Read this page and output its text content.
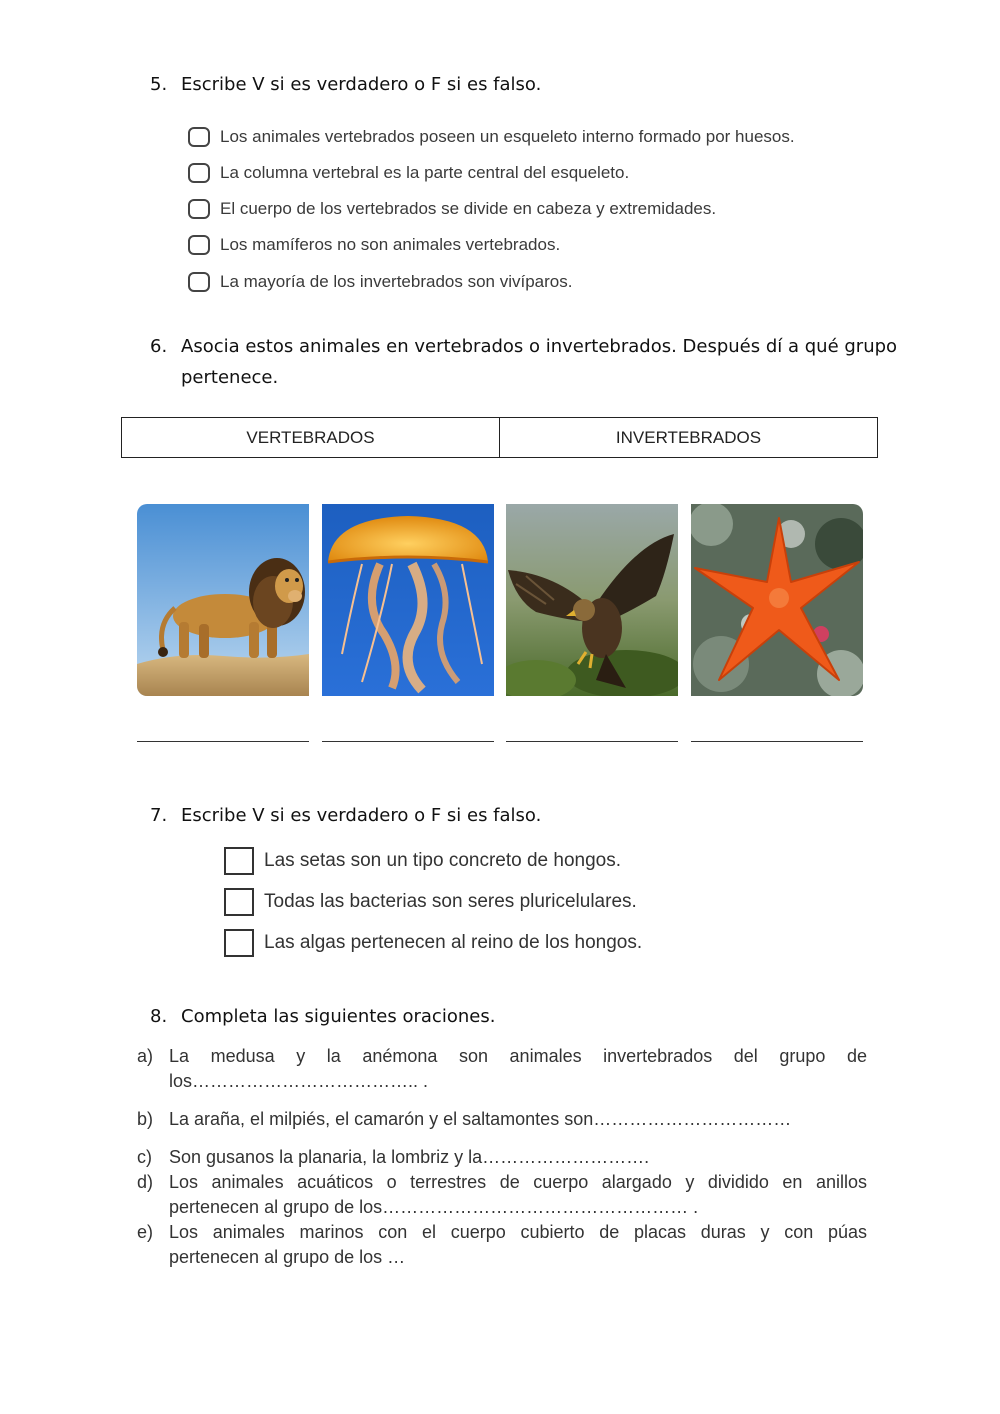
5. Escribe V si es verdadero o F si es falso.
Los animales vertebrados poseen un esqueleto interno formado por huesos.
La columna vertebral es la parte central del esqueleto.
El cuerpo de los vertebrados se divide en cabeza y extremidades.
Los mamíferos no son animales vertebrados.
La mayoría de los invertebrados son vivíparos.
6. Asocia estos animales en vertebrados o invertebrados. Después dí a qué grupo
pertenece.
VERTEBRADOS	INVERTEBRADOS
7. Escribe V si es verdadero o F si es falso.
Las setas son un tipo concreto de hongos.
Todas las bacterias son seres pluricelulares.
Las algas pertenecen al reino de los hongos.
8. Completa las siguientes oraciones.
a) La medusa y la anémona son animales invertebrados del grupo de
los……………………………….. .
b) La araña, el milpiés, el camarón y el saltamontes son……………………………
c) Son gusanos la planaria, la lombriz y la……………………….
d) Los animales acuáticos o terrestres de cuerpo alargado y dividido en anillos
pertenecen al grupo de los…………………………………………… .
e) Los animales marinos con el cuerpo cubierto de placas duras y con púas
pertenecen al grupo de los …
